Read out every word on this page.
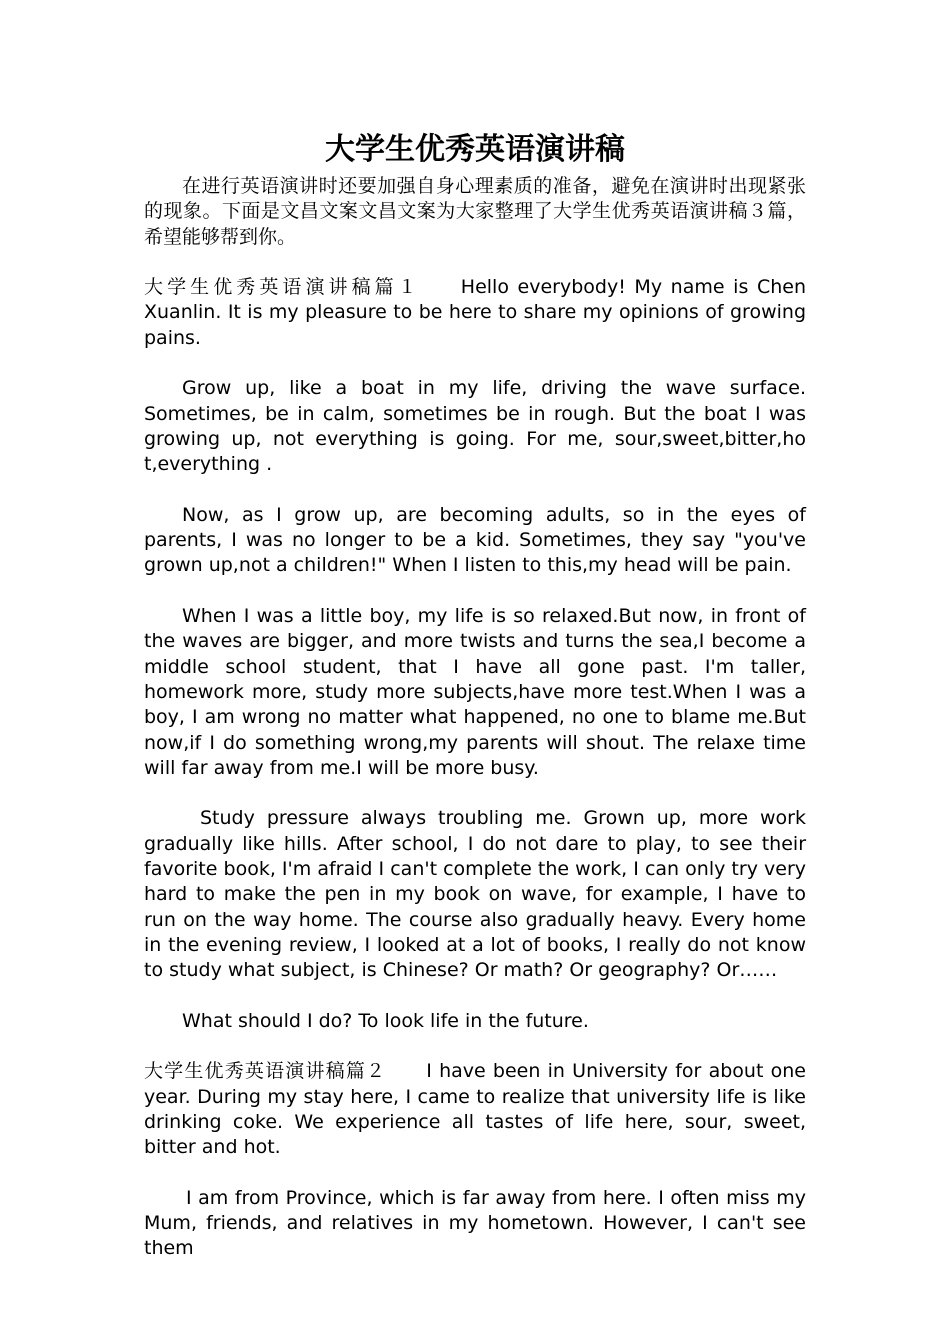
大学生优秀英语演讲稿

在进行英语演讲时还要加强自身心理素质的准备，避免在演讲时出现紧张的现象。下面是文昌文案文昌文案为大家整理了大学生优秀英语演讲稿３篇，希望能够帮到你。

大学生优秀英语演讲稿篇１ Hello everybody! My name is Chen Xuanlin. It is my pleasure to be here to share my opinions of growing pains.

Grow up, like a boat in my life, driving the wave surface. Sometimes, be in calm, sometimes be in rough. But the boat I was growing up, not everything is going. For me, sour,sweet,bitter,ho t,everything .

Now, as I grow up, are becoming adults, so in the eyes of parents, I was no longer to be a kid. Sometimes, they say "you've grown up,not a children!" When I listen to this,my head will be pain.

When I was a little boy, my life is so relaxed.But now, in front of the waves are bigger, and more twists and turns the sea,I become a middle school student, that I have all gone past. I'm taller, homework more, study more subjects,have more test.When I was a boy, I am wrong no matter what happened, no one to blame me.But now,if I do something wrong,my parents will shout. The relaxe time will far away from me.I will be more busy.

Study pressure always troubling me. Grown up, more work gradually like hills. After school, I do not dare to play, to see their favorite book, I'm afraid I can't complete the work, I can only try very hard to make the pen in my book on wave, for example, I have to run on the way home. The course also gradually heavy. Every home in the evening review, I looked at a lot of books, I really do not know to study what subject, is Chinese? Or math? Or geography? Or……

What should I do? To look life in the future.

大学生优秀英语演讲稿篇２ I have been in University for about one year. During my stay here, I came to realize that university life is like drinking coke. We experience all tastes of life here, sour, sweet, bitter and hot.

I am from Province, which is far away from here. I often miss my Mum, friends, and relatives in my hometown. However, I can't see them
